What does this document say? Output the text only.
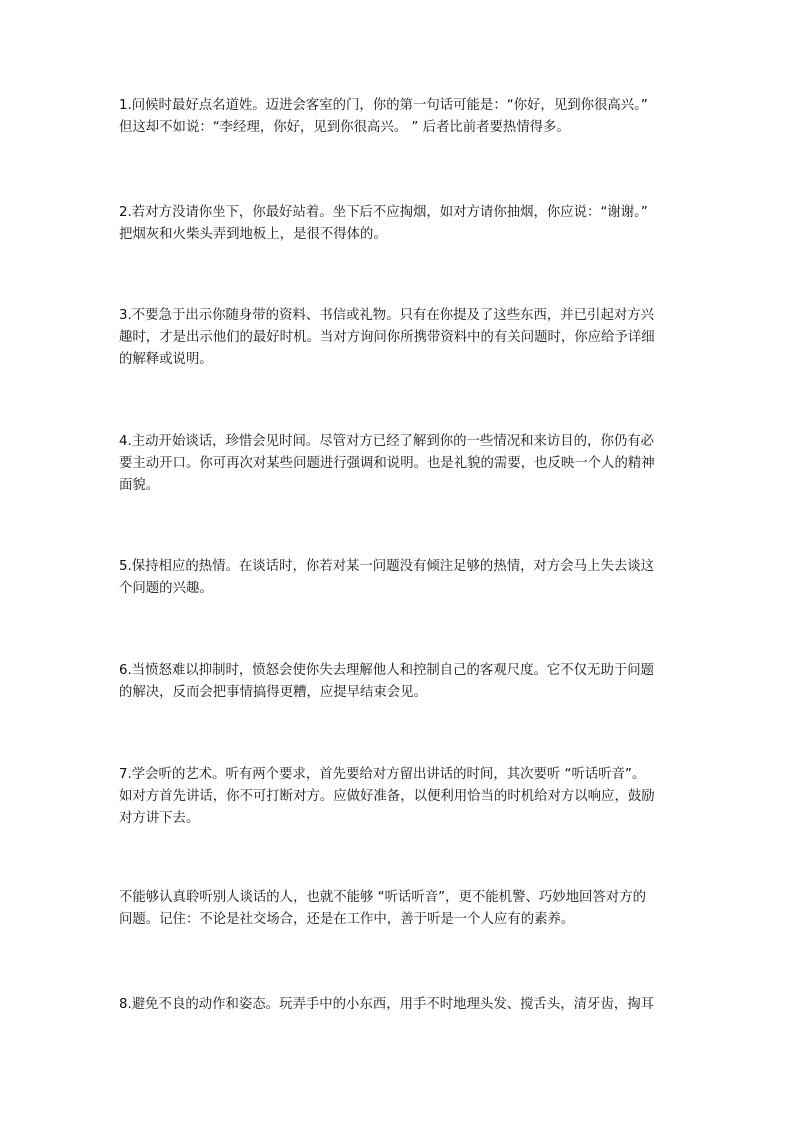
1.问候时最好点名道姓。迈进会客室的门，你的第一句话可能是：“你好，见到你很高兴。”
但这却不如说：“李经理，你好，见到你很高兴。 ” 后者比前者要热情得多。

2.若对方没请你坐下，你最好站着。坐下后不应掏烟，如对方请你抽烟，你应说：“谢谢。”
把烟灰和火柴头弄到地板上，是很不得体的。

3.不要急于出示你随身带的资料、书信或礼物。只有在你提及了这些东西，并已引起对方兴
趣时，才是出示他们的最好时机。当对方询问你所携带资料中的有关问题时，你应给予详细
的解释或说明。

4.主动开始谈话，珍惜会见时间。尽管对方已经了解到你的一些情况和来访目的，你仍有必
要主动开口。你可再次对某些问题进行强调和说明。也是礼貌的需要，也反映一个人的精神
面貌。

5.保持相应的热情。在谈话时，你若对某一问题没有倾注足够的热情，对方会马上失去谈这
个问题的兴趣。

6.当愤怒难以抑制时，愤怒会使你失去理解他人和控制自己的客观尺度。它不仅无助于问题
的解决，反而会把事情搞得更糟，应提早结束会见。

7.学会听的艺术。听有两个要求，首先要给对方留出讲话的时间，其次要听 “听话听音”。
如对方首先讲话，你不可打断对方。应做好准备，以便利用恰当的时机给对方以响应，鼓励
对方讲下去。

不能够认真聆听别人谈话的人，也就不能够 “听话听音”，更不能机警、巧妙地回答对方的
问题。记住：不论是社交场合，还是在工作中，善于听是一个人应有的素养。

8.避免不良的动作和姿态。玩弄手中的小东西，用手不时地理头发、搅舌头，清牙齿，掏耳
